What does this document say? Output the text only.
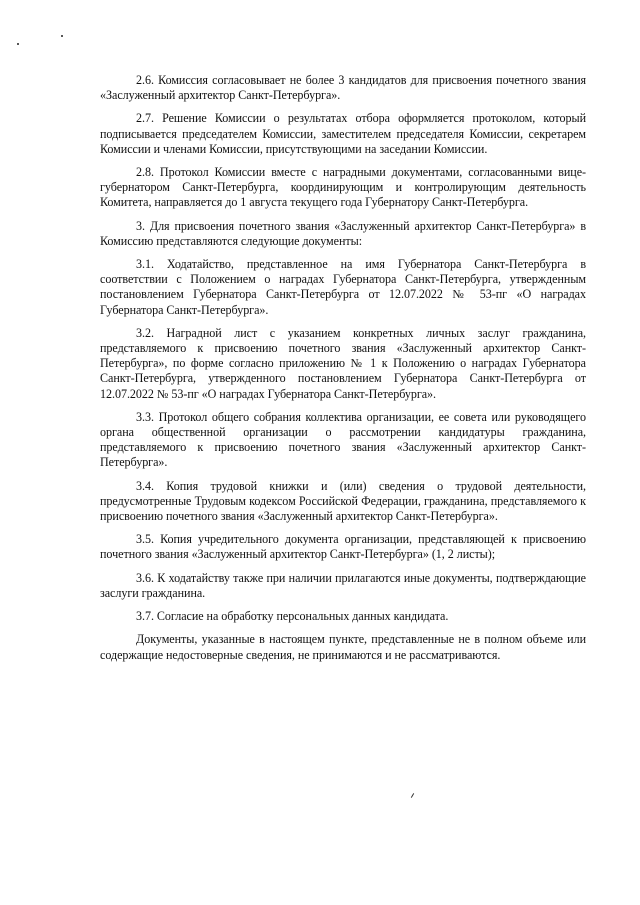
2.6. Комиссия согласовывает не более 3 кандидатов для присвоения почетного звания «Заслуженный архитектор Санкт-Петербурга».

2.7. Решение Комиссии о результатах отбора оформляется протоколом, который подписывается председателем Комиссии, заместителем председателя Комиссии, секретарем Комиссии и членами Комиссии, присутствующими на заседании Комиссии.

2.8. Протокол Комиссии вместе с наградными документами, согласованными вице-губернатором Санкт-Петербурга, координирующим и контролирующим деятельность Комитета, направляется до 1 августа текущего года Губернатору Санкт-Петербурга.

3. Для присвоения почетного звания «Заслуженный архитектор Санкт-Петербурга» в Комиссию представляются следующие документы:

3.1. Ходатайство, представленное на имя Губернатора Санкт-Петербурга в соответствии с Положением о наградах Губернатора Санкт-Петербурга, утвержденным постановлением Губернатора Санкт-Петербурга от 12.07.2022 № 53-пг «О наградах Губернатора Санкт-Петербурга».

3.2. Наградной лист с указанием конкретных личных заслуг гражданина, представляемого к присвоению почетного звания «Заслуженный архитектор Санкт-Петербурга», по форме согласно приложению № 1 к Положению о наградах Губернатора Санкт-Петербурга, утвержденного постановлением Губернатора Санкт-Петербурга от 12.07.2022 № 53-пг «О наградах Губернатора Санкт-Петербурга».

3.3. Протокол общего собрания коллектива организации, ее совета или руководящего органа общественной организации о рассмотрении кандидатуры гражданина, представляемого к присвоению почетного звания «Заслуженный архитектор Санкт-Петербурга».

3.4. Копия трудовой книжки и (или) сведения о трудовой деятельности, предусмотренные Трудовым кодексом Российской Федерации, гражданина, представляемого к присвоению почетного звания «Заслуженный архитектор Санкт-Петербурга».

3.5. Копия учредительного документа организации, представляющей к присвоению почетного звания «Заслуженный архитектор Санкт-Петербурга» (1, 2 листы);

3.6. К ходатайству также при наличии прилагаются иные документы, подтверждающие заслуги гражданина.

3.7. Согласие на обработку персональных данных кандидата.

Документы, указанные в настоящем пункте, представленные не в полном объеме или содержащие недостоверные сведения, не принимаются и не рассматриваются.
